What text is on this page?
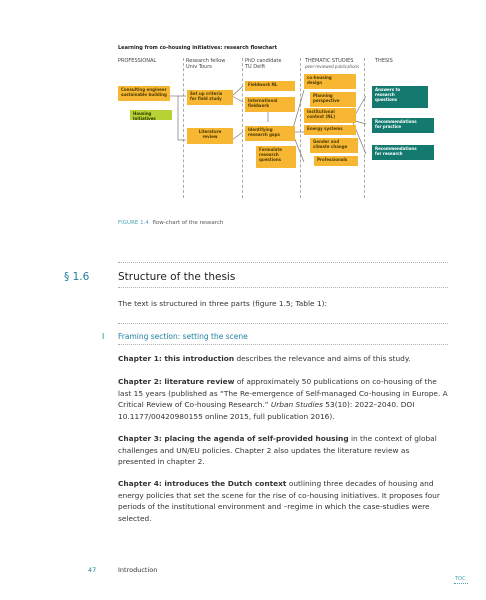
Learning from co-housing initiatives: research flowchart
PROFESSIONAL	Research fellow
Univ Tours
PhD candidate
TU Delft
THEMATIC STUDIES
peer-reviewed publications
THESIS
Consulting engineer
sustainable building
Housing Initiatives
Set up criteria
for field study
Literature
review
Fieldwork NL
International
fieldwork
Identifying
research gaps
Formulate
research
questions
co-housing
design
Planning
perspective
Institutional
context (NL)
Energy systems
Gender and
climate change
Professionals
Answers to
research
questions
Recommendations
for practice
Recommendations
for research
FIGURE 1.4 flow-chart of the research
§ 1.6	Structure of the thesis
The text is structured in three parts (figure 1.5; Table 1):
I Framing section: setting the scene
Chapter 1: this introduction describes the relevance and aims of this study.
Chapter 2: literature review of approximately 50 publications on co-housing of the last 15 years (published as “The Re-emergence of Self-managed Co-housing in Europe. A Critical Review of Co-housing Research.” Urban Studies 53(10): 2022–2040. DOI 10.1177/00420980155 online 2015, full publication 2016).
Chapter 3: placing the agenda of self-provided housing in the context of global challenges and UN/EU policies. Chapter 2 also updates the literature review as presented in chapter 2.
Chapter 4: introduces the Dutch context outlining three decades of housing and energy policies that set the scene for the rise of co-housing initiatives. It proposes four periods of the institutional environment and –regime in which the case-studies were selected.
47	Introduction
TOC
